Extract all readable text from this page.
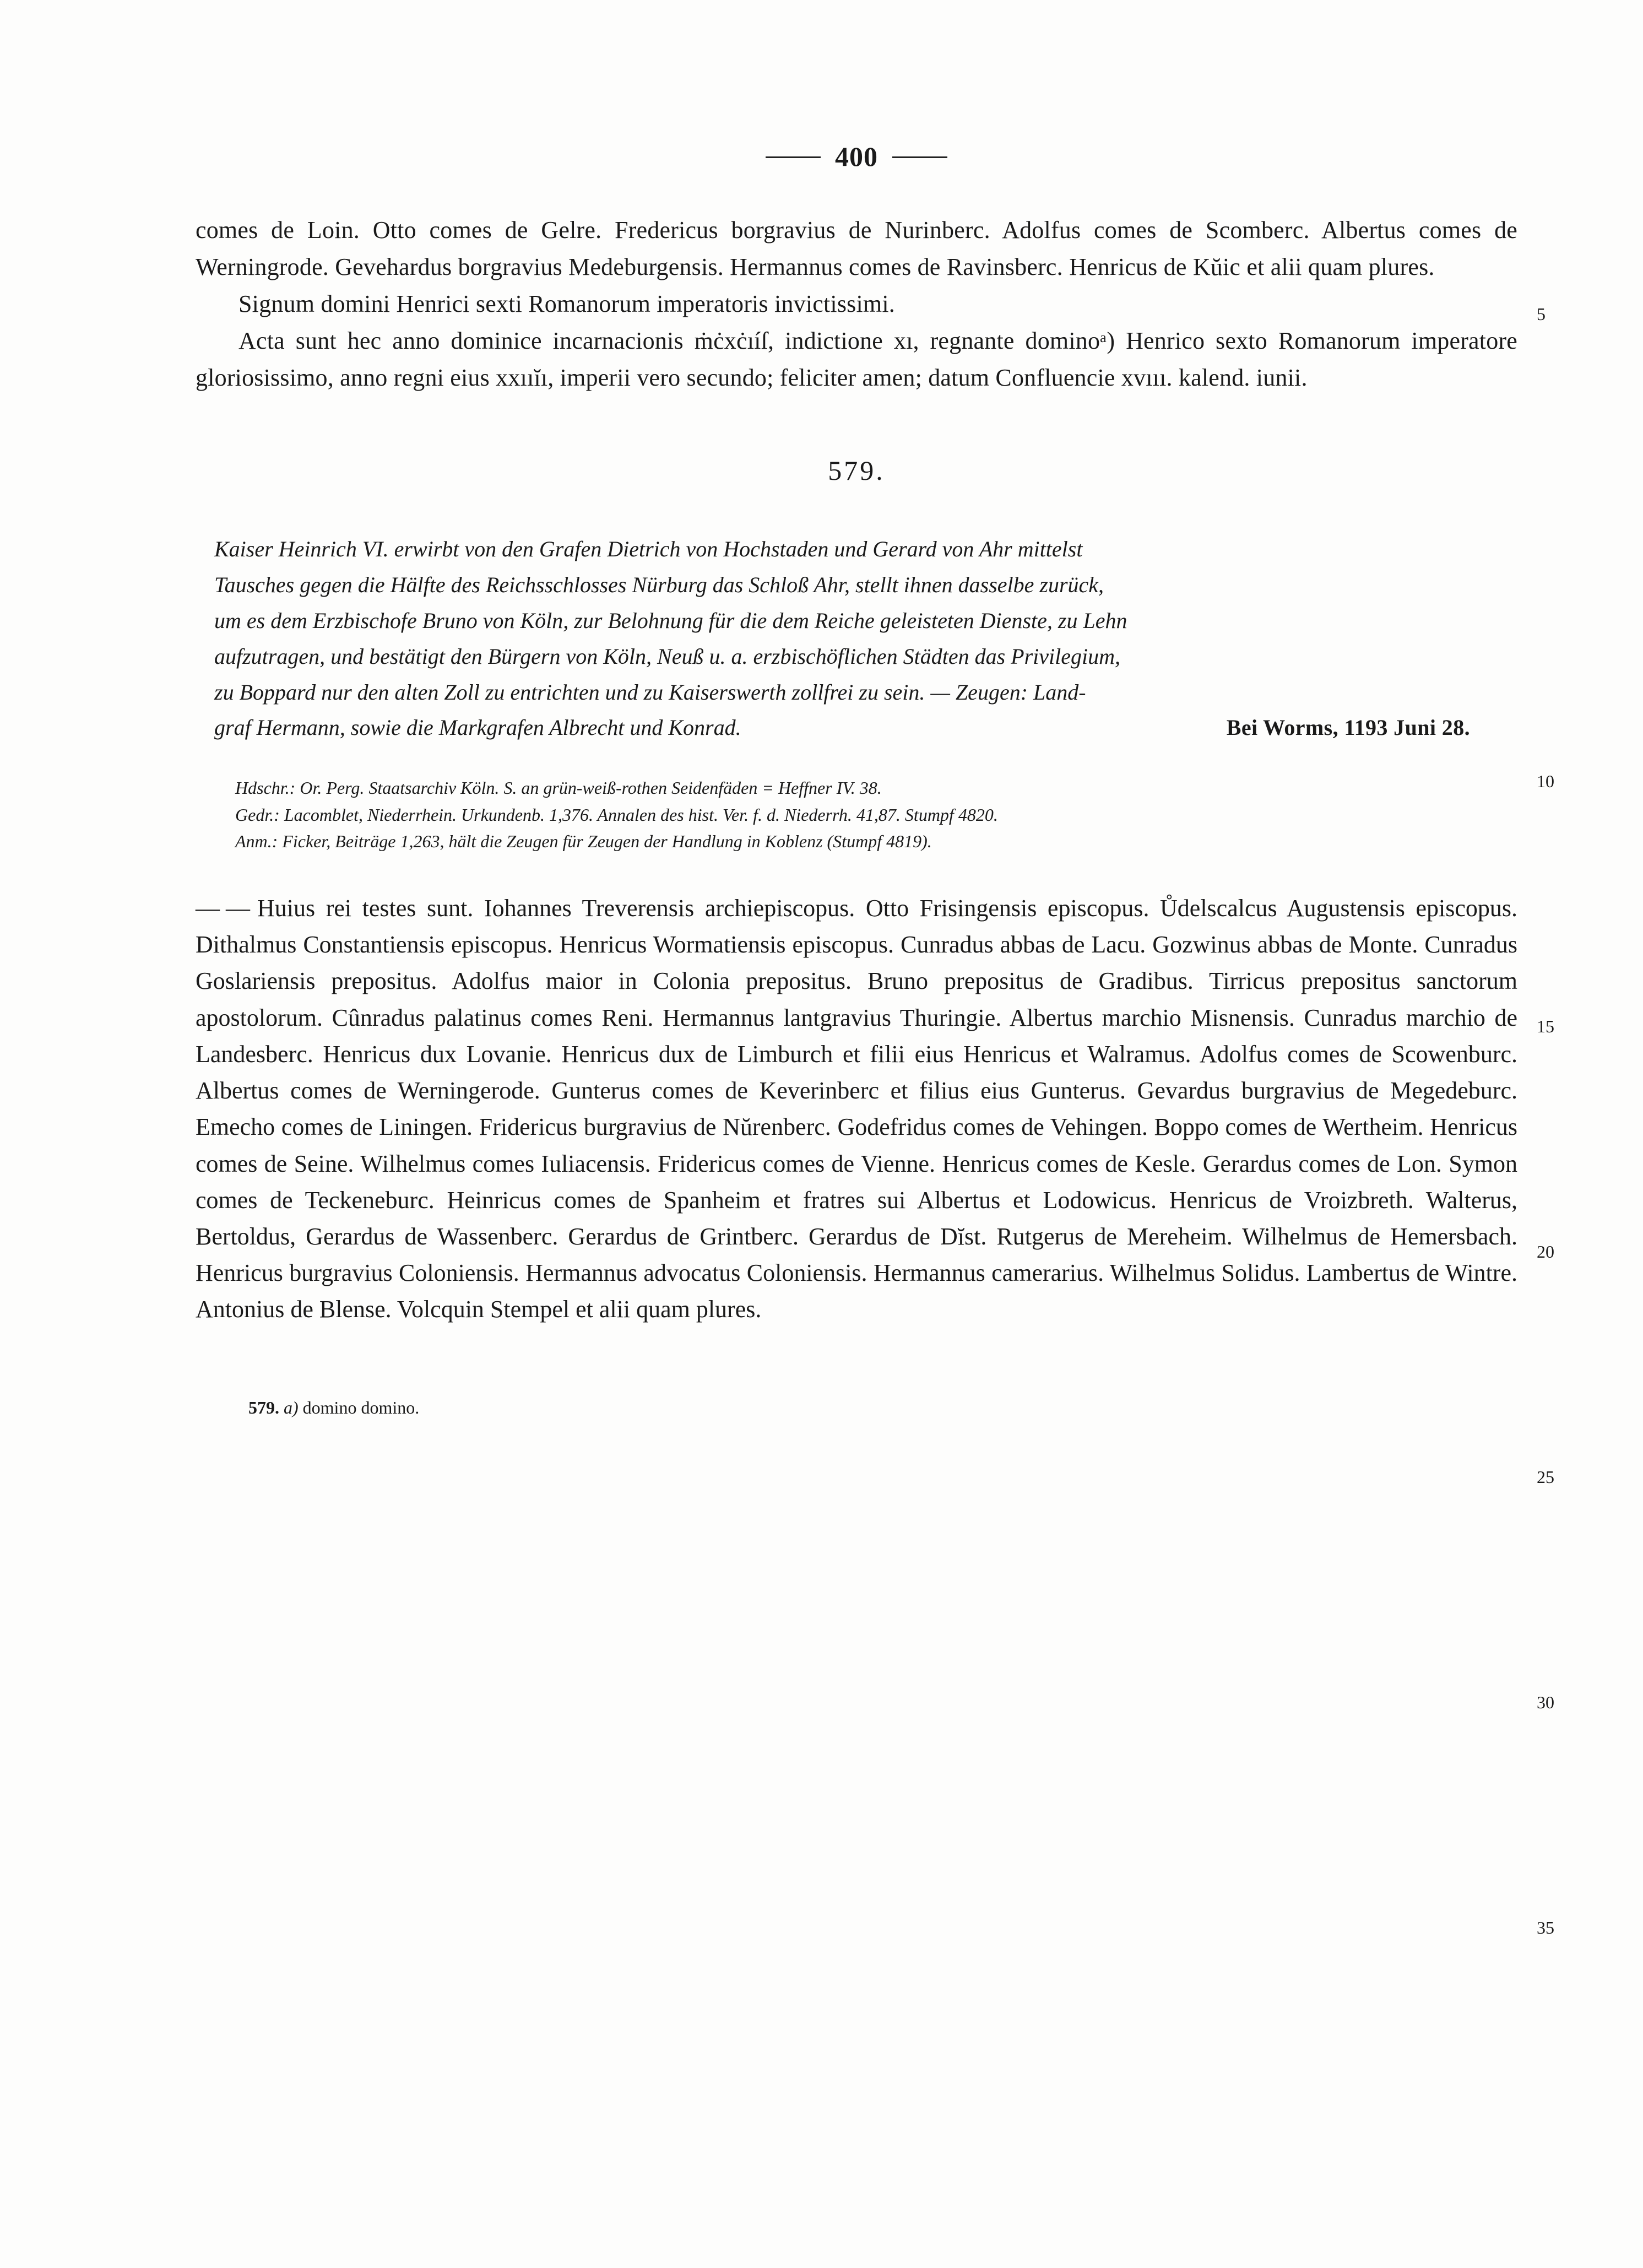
400

comes de Loin. Otto comes de Gelre. Fredericus borgravius de Nurinberc. Adolfus comes de Scomberc. Albertus comes de Werningrode. Gevehardus borgravius Medeburgensis. Hermannus comes de Ravinsberc. Henricus de Kŭic et alii quam plures.

Signum domini Henrici sexti Romanorum imperatoris invictissimi.

Acta sunt hec anno dominice incarnacionis ṁċxċıíſ, indictione xı, regnante dominoᵃ) Henrico sexto Romanorum imperatore gloriosissimo, anno regni eius xxııĭı, imperii vero secundo; feliciter amen; datum Confluencie xvııı. kalend. iunii.

579.
Kaiser Heinrich VI. erwirbt von den Grafen Dietrich von Hochstaden und Gerard von Ahr mittelst
Tausches gegen die Hälfte des Reichsschlosses Nürburg das Schloß Ahr, stellt ihnen dasselbe zurück,
um es dem Erzbischofe Bruno von Köln, zur Belohnung für die dem Reiche geleisteten Dienste, zu Lehn
aufzutragen, und bestätigt den Bürgern von Köln, Neuß u. a. erzbischöflichen Städten das Privilegium,
zu Boppard nur den alten Zoll zu entrichten und zu Kaiserswerth zollfrei zu sein. — Zeugen: Land-
graf Hermann, sowie die Markgrafen Albrecht und Konrad.	Bei Worms, 1193 Juni 28.
Hdschr.: Or. Perg. Staatsarchiv Köln. S. an grün-weiß-rothen Seidenfäden = Heffner IV. 38.
Gedr.: Lacomblet, Niederrhein. Urkundenb. 1,376. Annalen des hist. Ver. f. d. Niederrh. 41,87. Stumpf 4820.
Anm.: Ficker, Beiträge 1,263, hält die Zeugen für Zeugen der Handlung in Koblenz (Stumpf 4819).
— — Huius rei testes sunt. Iohannes Treverensis archiepiscopus. Otto Frisingensis episcopus. Ůdelscalcus Augustensis episcopus. Dithalmus Constantiensis episcopus. Henricus Wormatiensis episcopus. Cunradus abbas de Lacu. Gozwinus abbas de Monte. Cunradus Goslariensis prepositus. Adolfus maior in Colonia prepositus. Bruno prepositus de Gradibus. Tirricus prepositus sanctorum apostolorum. Cûnradus palatinus comes Reni. Hermannus lantgravius Thuringie. Albertus marchio Misnensis. Cunradus marchio de Landesberc. Henricus dux Lovanie. Henricus dux de Limburch et filii eius Henricus et Walramus. Adolfus comes de Scowenburc. Albertus comes de Werningerode. Gunterus comes de Keverinberc et filius eius Gunterus. Gevardus burgravius de Megedeburc. Emecho comes de Liningen. Fridericus burgravius de Nŭrenberc. Godefridus comes de Vehingen. Boppo comes de Wertheim. Henricus comes de Seine. Wilhelmus comes Iuliacensis. Fridericus comes de Vienne. Henricus comes de Kesle. Gerardus comes de Lon. Symon comes de Teckeneburc. Heinricus comes de Spanheim et fratres sui Albertus et Lodowicus. Henricus de Vroizbreth. Walterus, Bertoldus, Gerardus de Wassenberc. Gerardus de Grintberc. Gerardus de Dĭst. Rutgerus de Mereheim. Wilhelmus de Hemersbach. Henricus burgravius Coloniensis. Hermannus advocatus Coloniensis. Hermannus camerarius. Wilhelmus Solidus. Lambertus de Wintre. Antonius de Blense. Volcquin Stempel et alii quam plures.
579. a) domino domino.
5
10
15
20
25
30
35
